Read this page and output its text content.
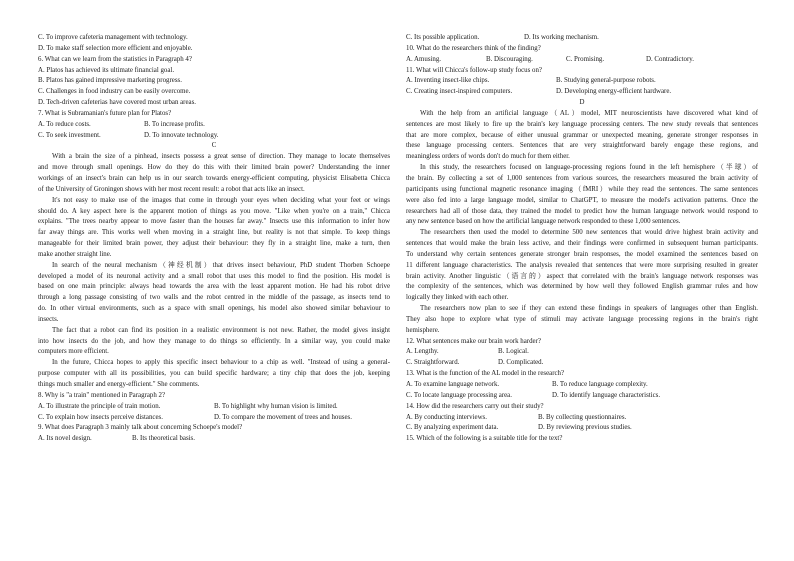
C. To improve cafeteria management with technology.
D. To make staff selection more efficient and enjoyable.
6. What can we learn from the statistics in Paragraph 4?
A. Platos has achieved its ultimate financial goal.
B. Platos has gained impressive marketing progress.
C. Challenges in food industry can be easily overcome.
D. Tech-driven cafeterias have covered most urban areas.
7. What is Subramanian's future plan for Platos?
A. To reduce costs.	B. To increase profits.
C. To seek investment.	D. To innovate technology.
C
With a brain the size of a pinhead, insects possess a great sense of direction. They manage to locate themselves
and move through small openings. How do they do this with their limited brain power? Understanding the inner
workings of an insect's brain can help us in our search towards energy-efficient computing, physicist Elisabetta Chicca
of the University of Groningen shows with her most recent result: a robot that acts like an insect.
It's not easy to make use of the images that come in through your eyes when deciding what your feet or wings
should do. A key aspect here is the apparent motion of things as you move. "Like when you're on a train," Chicca
explains. "The trees nearby appear to move faster than the houses far away." Insects use this information to infer how
far away things are. This works well when moving in a straight line, but reality is not that simple. To keep things
manageable for their limited brain power, they adjust their behaviour: they fly in a straight line, make a turn, then
make another straight line.
In search of the neural mechanism（神经机制）that drives insect behaviour, PhD student Thorben Schoepe
developed a model of its neuronal activity and a small robot that uses this model to find the position. His model is
based on one main principle: always head towards the area with the least apparent motion. He had his robot drive
through a long passage consisting of two walls and the robot centred in the middle of the passage, as insects tend to
do. In other virtual environments, such as a space with small openings, his model also showed similar behaviour to
insects.
The fact that a robot can find its position in a realistic environment is not new. Rather, the model gives insight
into how insects do the job, and how they manage to do things so efficiently. In a similar way, you could make
computers more efficient.
In the future, Chicca hopes to apply this specific insect behaviour to a chip as well. "Instead of using a general-
purpose computer with all its possibilities, you can build specific hardware; a tiny chip that does the job, keeping
things much smaller and energy-efficient." She comments.
8. Why is "a train" mentioned in Paragraph 2?
A. To illustrate the principle of train motion.	B. To highlight why human vision is limited.
C. To explain how insects perceive distances.	D. To compare the movement of trees and houses.
9. What does Paragraph 3 mainly talk about concerning Schoepe's model?
A. Its novel design.	B. Its theoretical basis.
C. Its possible application.	D. Its working mechanism.
10. What do the researchers think of the finding?
A. Amusing.	B. Discouraging.	C. Promising.	D. Contradictory.
11. What will Chicca's follow-up study focus on?
A. Inventing insect-like chips.	B. Studying general-purpose robots.
C. Creating insect-inspired computers.	D. Developing energy-efficient hardware.
D
With the help from an artificial language（AL）model, MIT neuroscientists have discovered what kind of
sentences are most likely to fire up the brain's key language processing centers. The new study reveals that sentences
that are more complex, because of either unusual grammar or unexpected meaning, generate stronger responses in
these language processing centers. Sentences that are very straightforward barely engage these regions, and
meaningless orders of words don't do much for them either.
In this study, the researchers focused on language-processing regions found in the left hemisphere（半球）of
the brain. By collecting a set of 1,000 sentences from various sources, the researchers measured the brain activity of
participants using functional magnetic resonance imaging（fMRI）while they read the sentences. The same sentences
were also fed into a large language model, similar to ChatGPT, to measure the model's activation patterns. Once the
researchers had all of those data, they trained the model to predict how the human language network would respond to
any new sentence based on how the artificial language network responded to these 1,000 sentences.
The researchers then used the model to determine 500 new sentences that would drive highest brain activity and
sentences that would make the brain less active, and their findings were confirmed in subsequent human participants.
To understand why certain sentences generate stronger brain responses, the model examined the sentences based on
11 different language characteristics. The analysis revealed that sentences that were more surprising resulted in greater
brain activity. Another linguistic（语言的）aspect that correlated with the brain's language network responses was
the complexity of the sentences, which was determined by how well they followed English grammar rules and how
logically they linked with each other.
The researchers now plan to see if they can extend these findings in speakers of languages other than English.
They also hope to explore what type of stimuli may activate language processing regions in the brain's right
hemisphere.
12. What sentences make our brain work harder?
A. Lengthy.	B. Logical.
C. Straightforward.	D. Complicated.
13. What is the function of the AL model in the research?
A. To examine language network.	B. To reduce language complexity.
C. To locate language processing area.	D. To identify language characteristics.
14. How did the researchers carry out their study?
A. By conducting interviews.	B. By collecting questionnaires.
C. By analyzing experiment data.	D. By reviewing previous studies.
15. Which of the following is a suitable title for the text?
